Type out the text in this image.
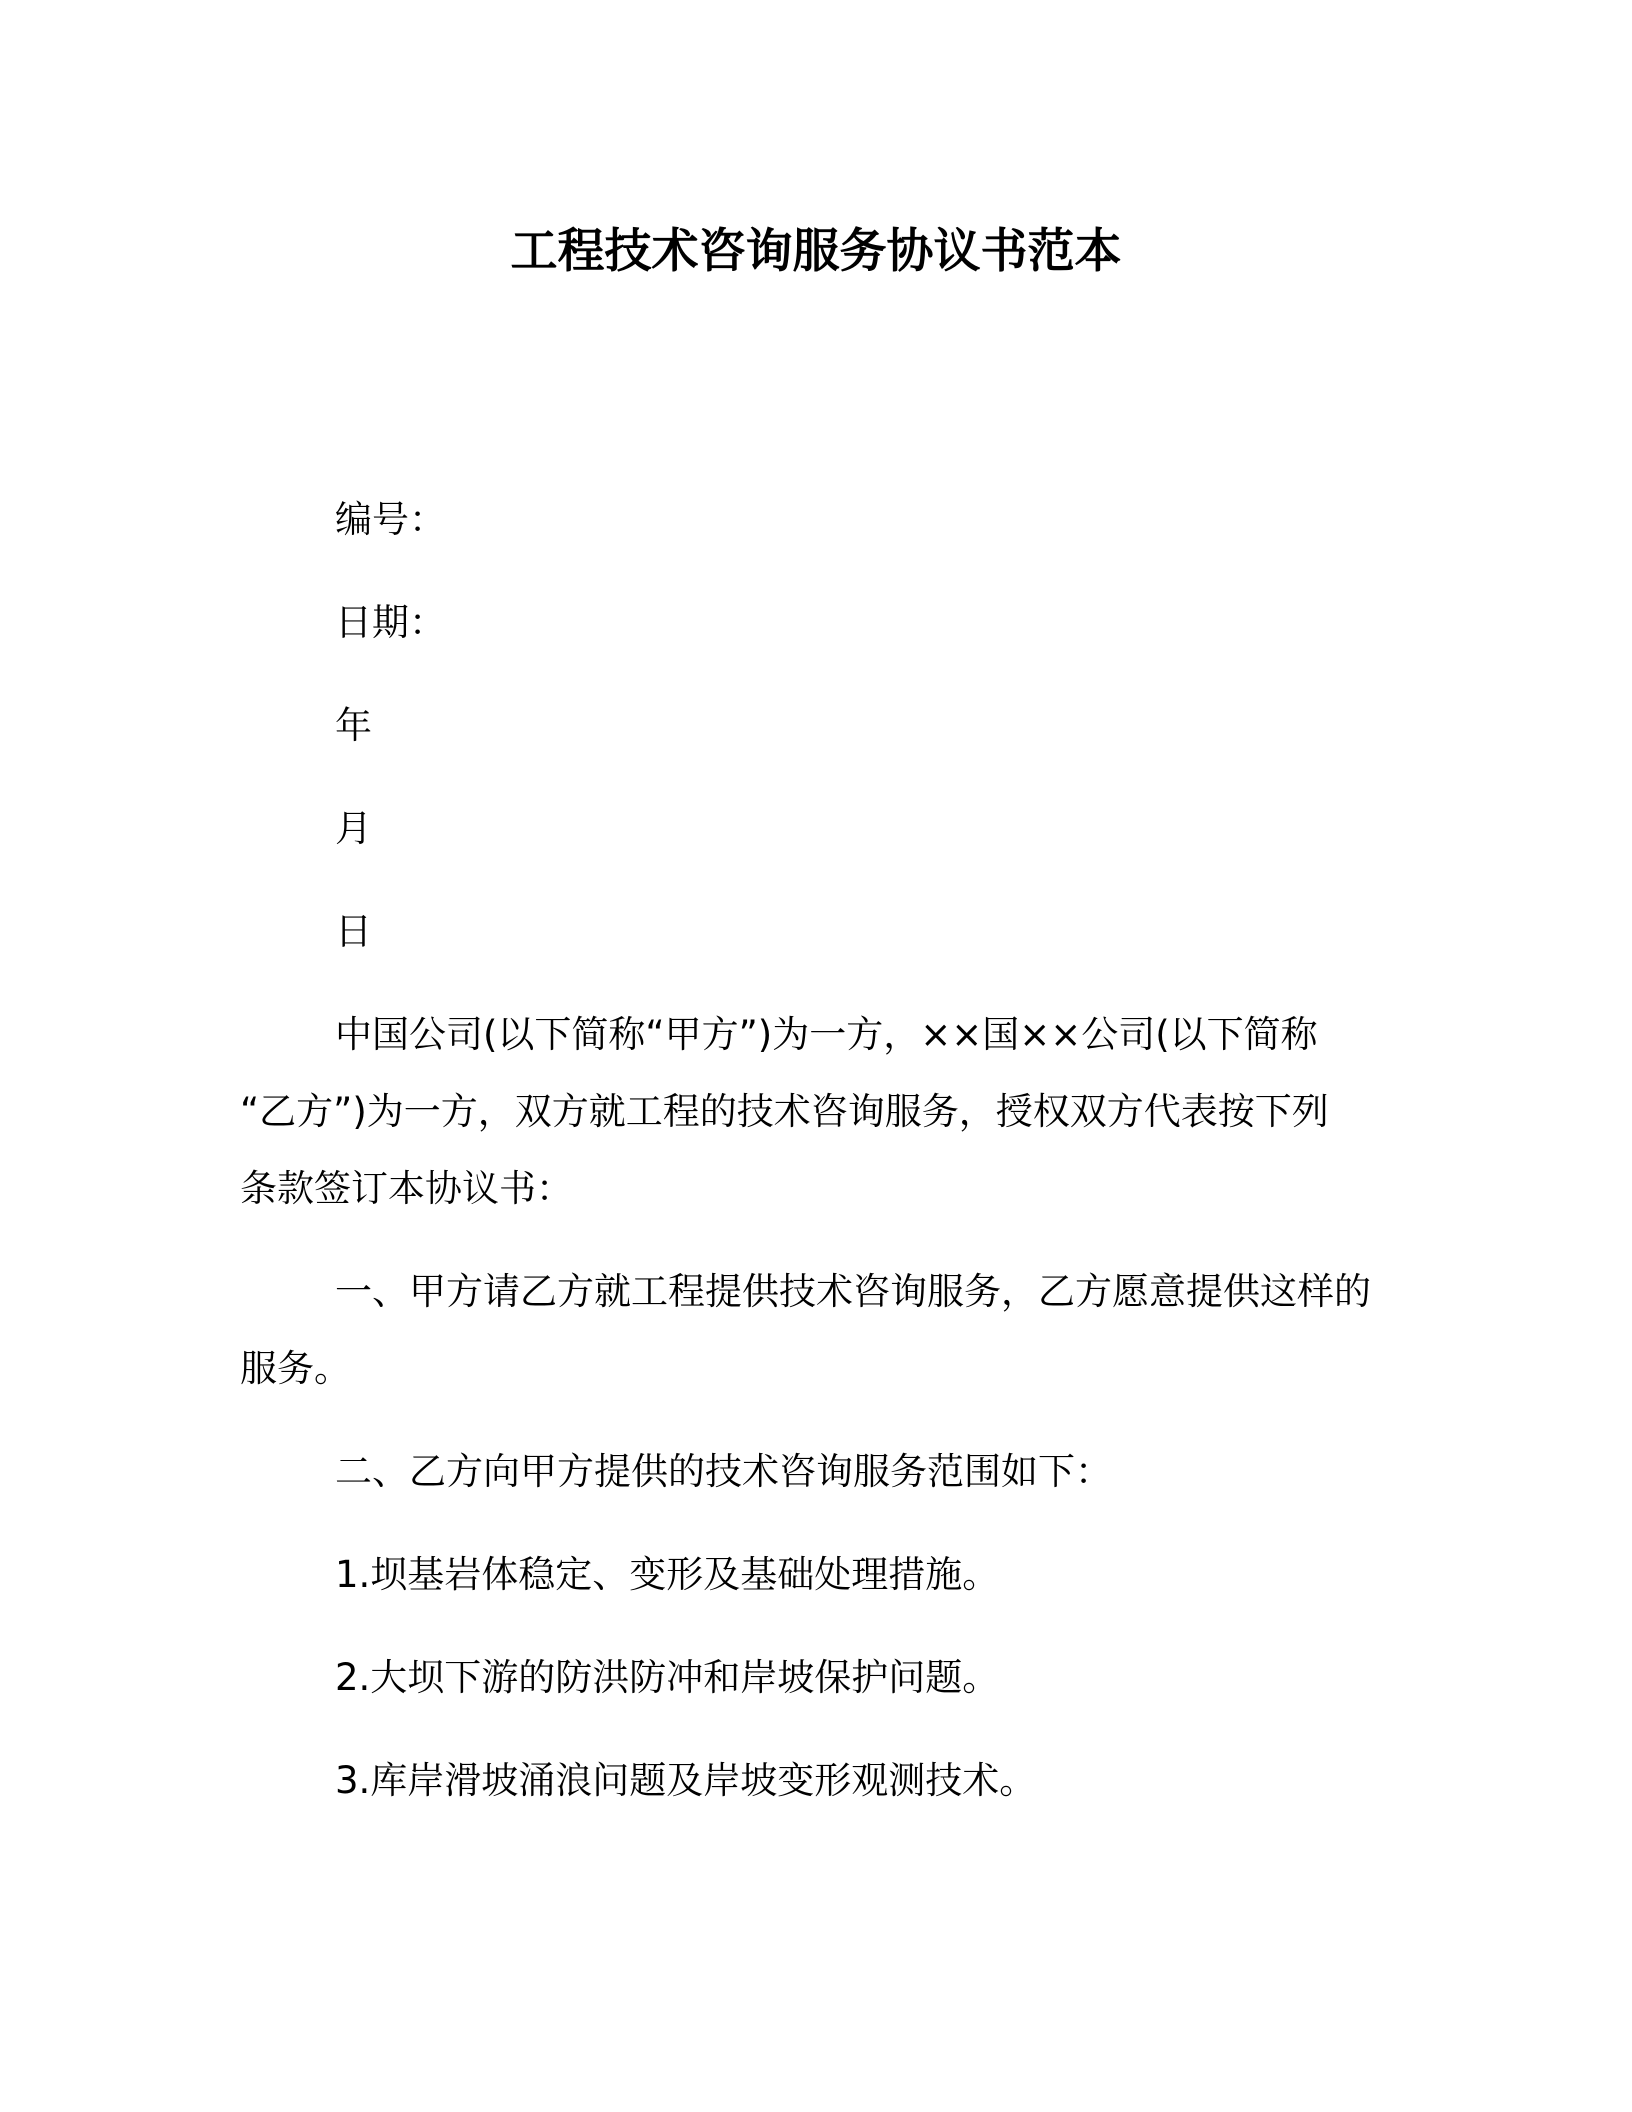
工程技术咨询服务协议书范本
编号：
日期：
年
月
日
中国公司(以下简称“甲方”)为一方，××国××公司(以下简称
“乙方”)为一方，双方就工程的技术咨询服务，授权双方代表按下列
条款签订本协议书：
一、甲方请乙方就工程提供技术咨询服务，乙方愿意提供这样的
服务。
二、乙方向甲方提供的技术咨询服务范围如下：
1.坝基岩体稳定、变形及基础处理措施。
2.大坝下游的防洪防冲和岸坡保护问题。
3.库岸滑坡涌浪问题及岸坡变形观测技术。
